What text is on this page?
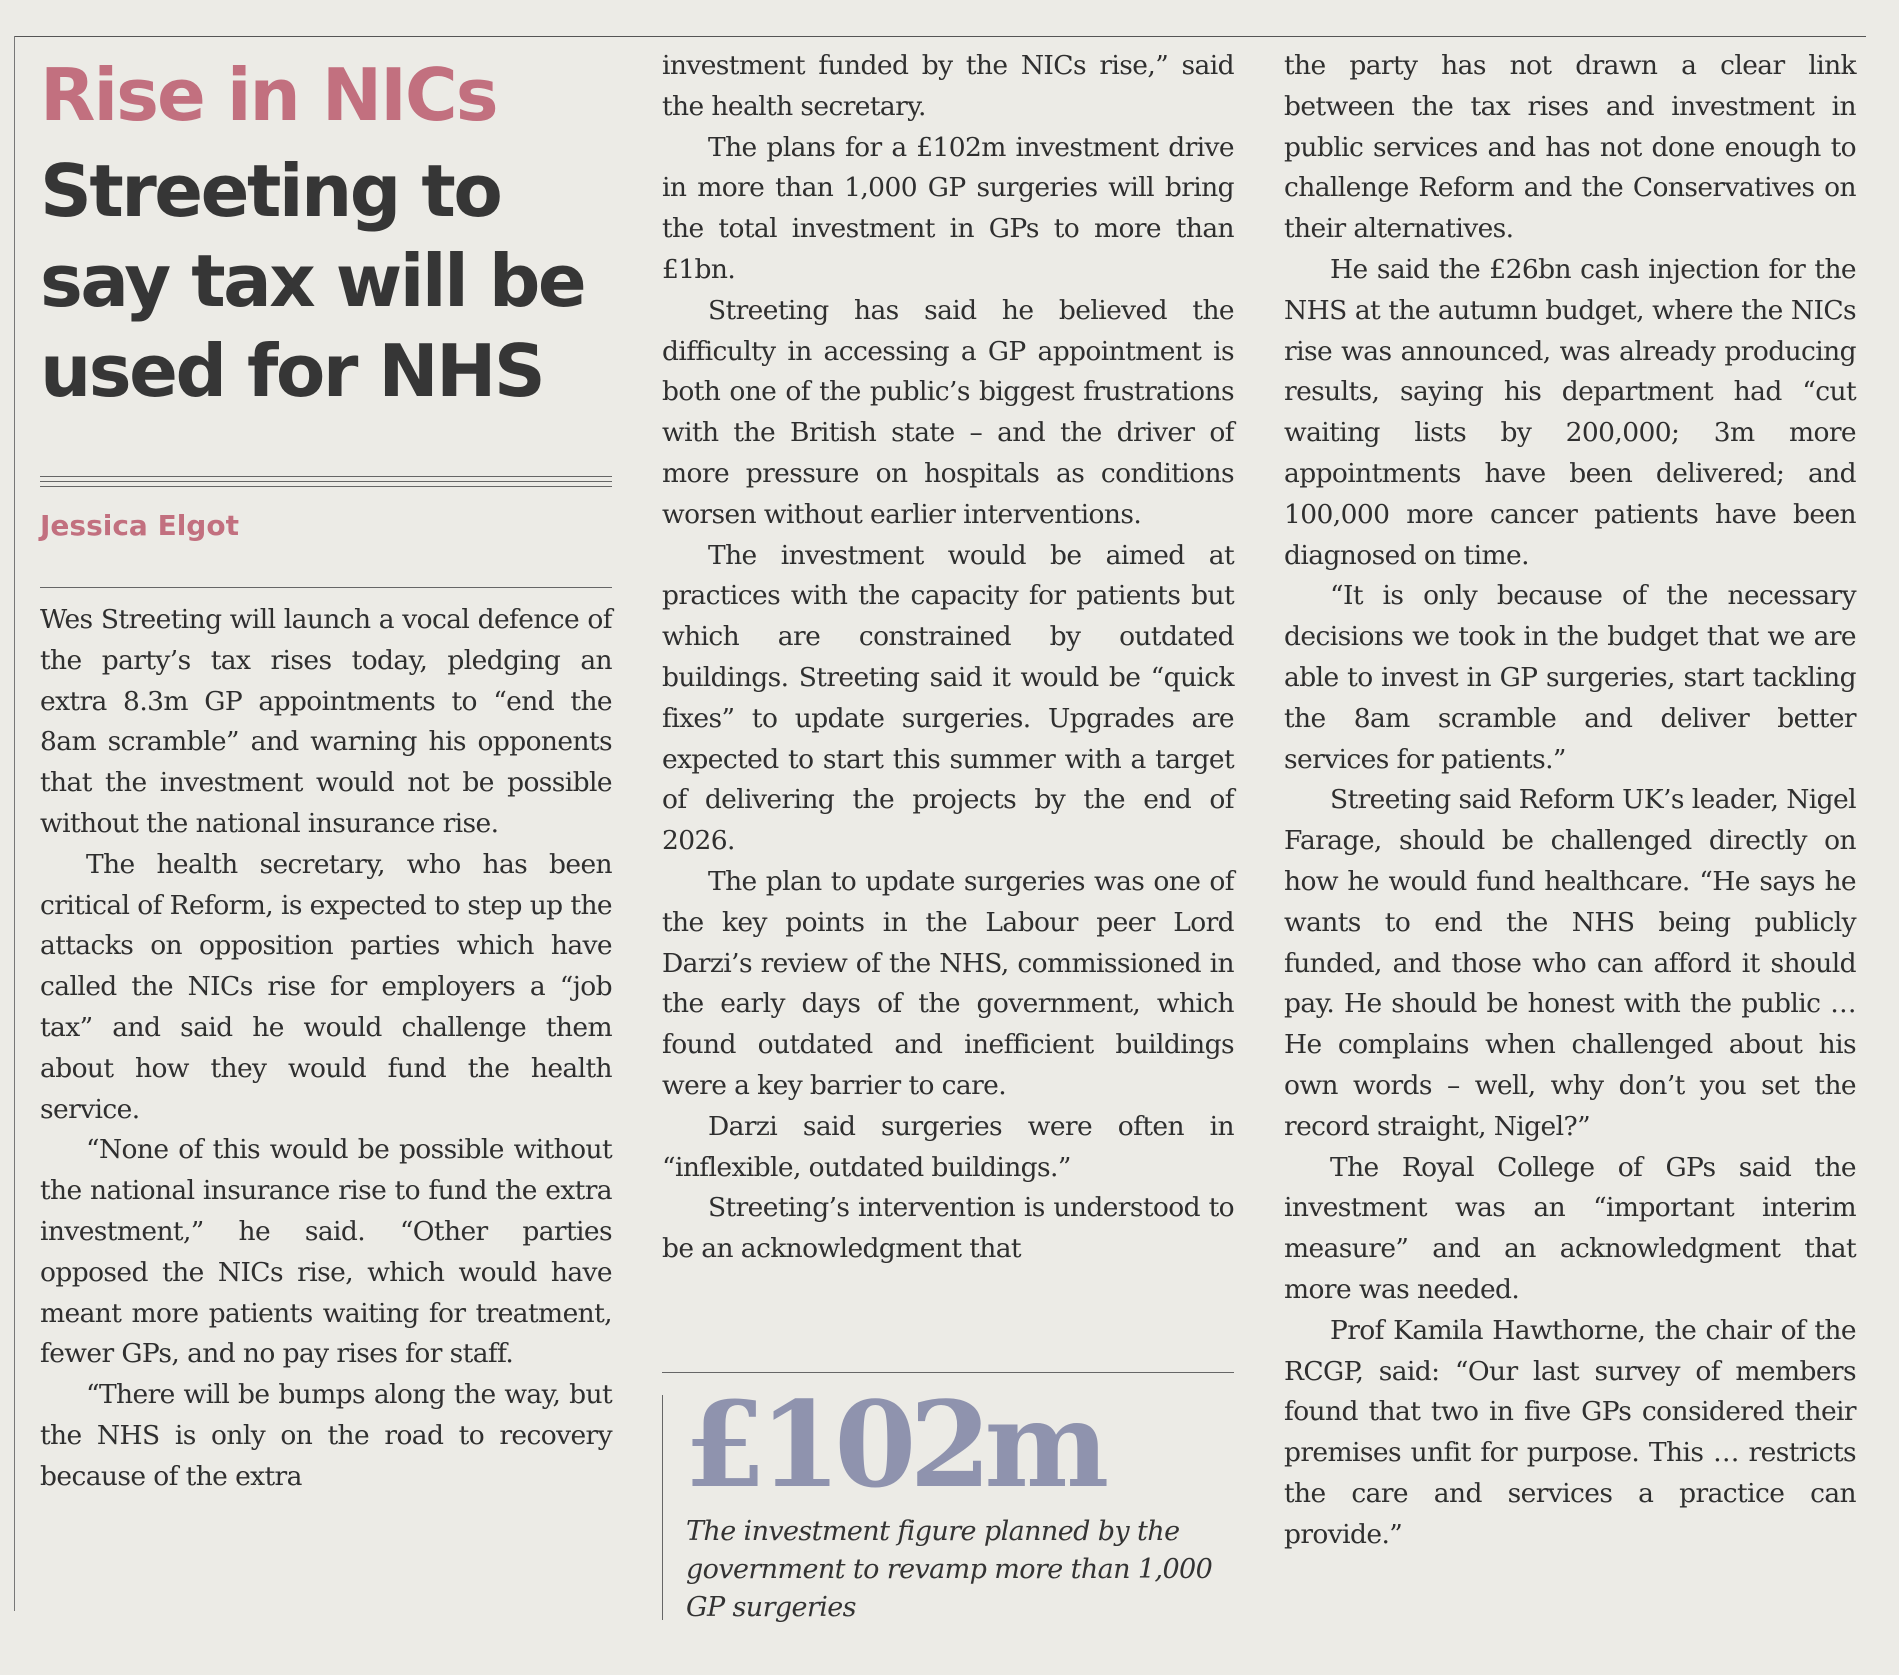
Rise in NICs
Streeting to say tax will be used for NHS
Jessica Elgot

Wes Streeting will launch a vocal defence of the party’s tax rises today, pledging an extra 8.3m GP appointments to “end the 8am scramble” and warning his opponents that the investment would not be possible without the national insurance rise.

The health secretary, who has been critical of Reform, is expected to step up the attacks on opposition parties which have called the NICs rise for employers a “job tax” and said he would challenge them about how they would fund the health service.

“None of this would be possible without the national insurance rise to fund the extra investment,” he said. “Other parties opposed the NICs rise, which would have meant more patients waiting for treatment, fewer GPs, and no pay rises for staff.

“There will be bumps along the way, but the NHS is only on the road to recovery because of the extra

investment funded by the NICs rise,” said the health secretary.

The plans for a £102m investment drive in more than 1,000 GP surgeries will bring the total investment in GPs to more than £1bn.

Streeting has said he believed the difficulty in accessing a GP appointment is both one of the public’s biggest frustrations with the British state – and the driver of more pressure on hospitals as conditions worsen without earlier interventions.

The investment would be aimed at practices with the capacity for patients but which are constrained by outdated buildings. Streeting said it would be “quick fixes” to update surgeries. Upgrades are expected to start this summer with a target of delivering the projects by the end of 2026.

The plan to update surgeries was one of the key points in the Labour peer Lord Darzi’s review of the NHS, commissioned in the early days of the government, which found outdated and inefficient buildings were a key barrier to care.

Darzi said surgeries were often in “inflexible, outdated buildings.”

Streeting’s intervention is understood to be an acknowledgment that

£102m
The investment figure planned by the government to revamp more than 1,000 GP surgeries

the party has not drawn a clear link between the tax rises and investment in public services and has not done enough to challenge Reform and the Conservatives on their alternatives.

He said the £26bn cash injection for the NHS at the autumn budget, where the NICs rise was announced, was already producing results, saying his department had “cut waiting lists by 200,000; 3m more appointments have been delivered; and 100,000 more cancer patients have been diagnosed on time.

“It is only because of the necessary decisions we took in the budget that we are able to invest in GP surgeries, start tackling the 8am scramble and deliver better services for patients.”

Streeting said Reform UK’s leader, Nigel Farage, should be challenged directly on how he would fund healthcare. “He says he wants to end the NHS being publicly funded, and those who can afford it should pay. He should be honest with the public … He complains when challenged about his own words – well, why don’t you set the record straight, Nigel?”

The Royal College of GPs said the investment was an “important interim measure” and an acknowledgment that more was needed.

Prof Kamila Hawthorne, the chair of the RCGP, said: “Our last survey of members found that two in five GPs considered their premises unfit for purpose. This … restricts the care and services a practice can provide.”
